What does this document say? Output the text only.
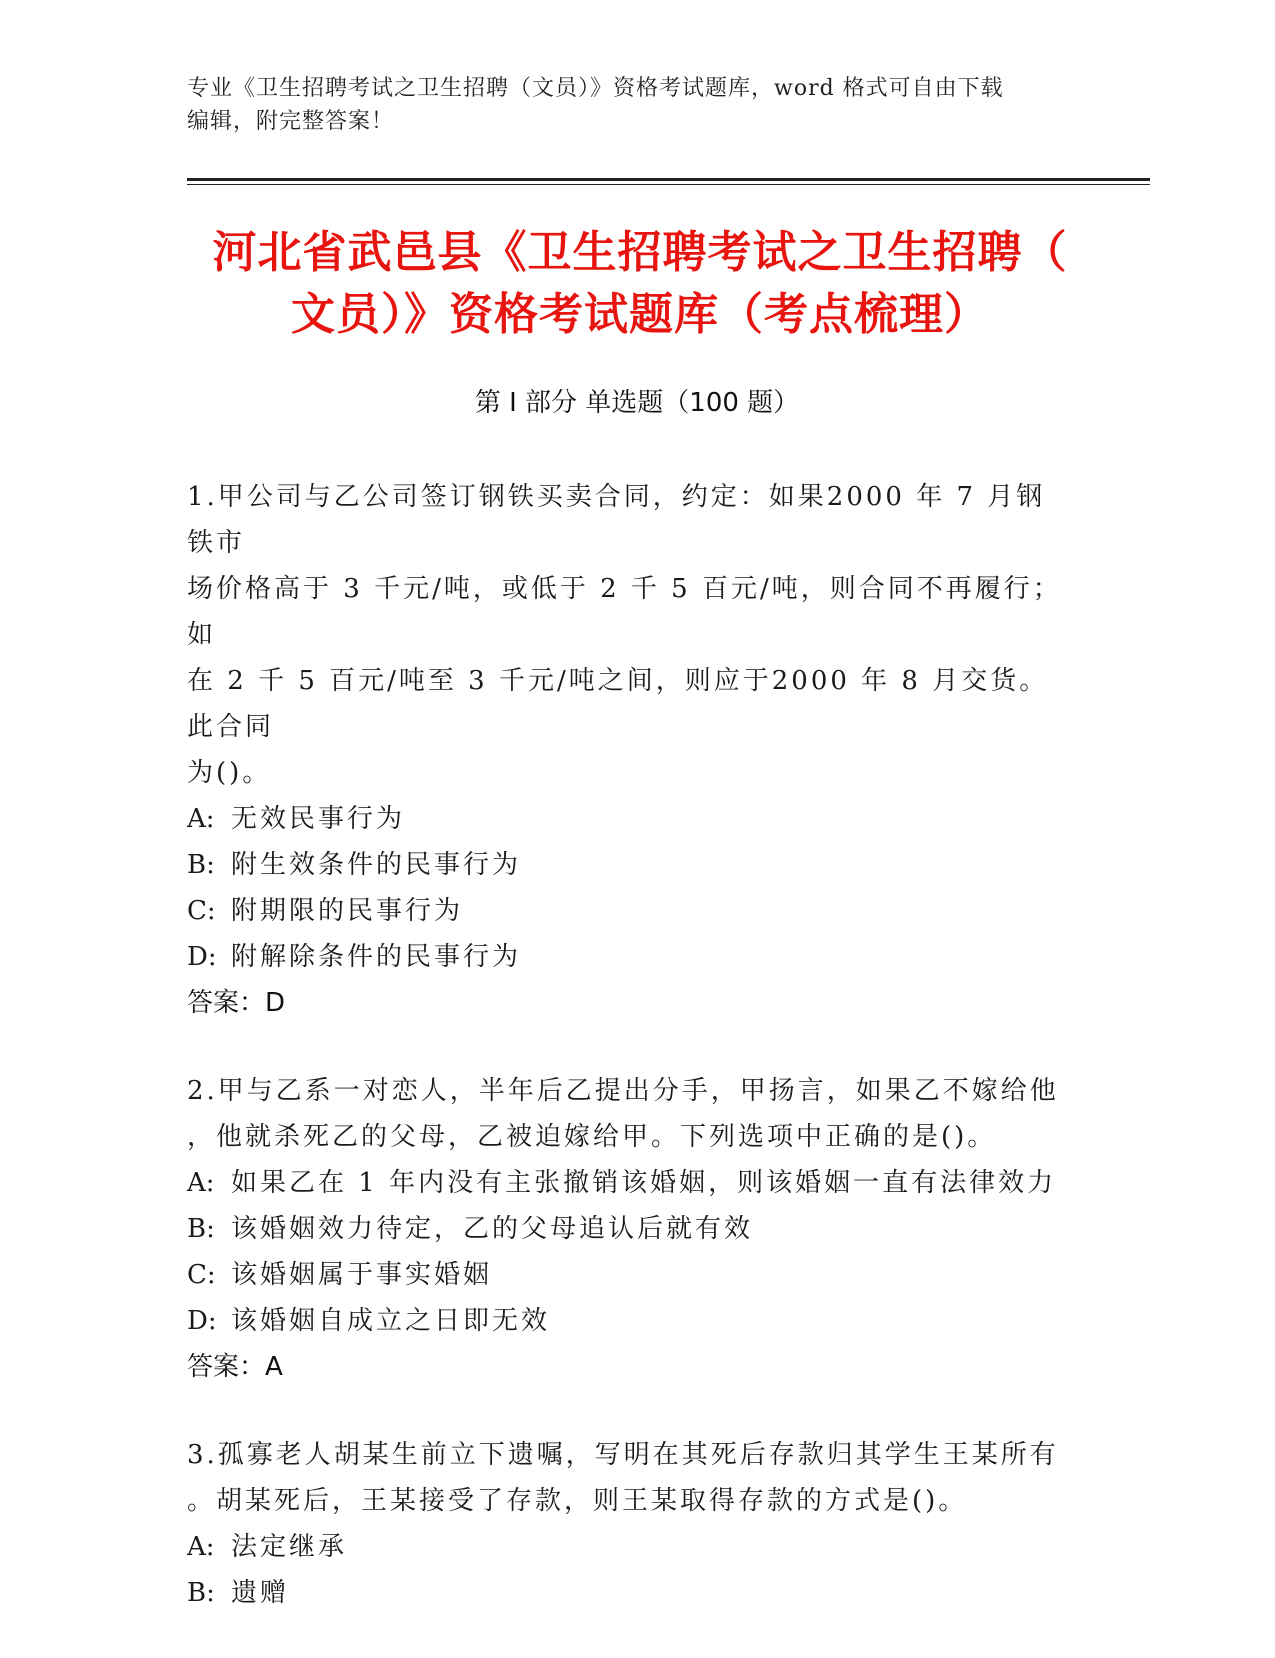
专业《卫生招聘考试之卫生招聘（文员）》资格考试题库，word 格式可自由下载
编辑，附完整答案！
河北省武邑县《卫生招聘考试之卫生招聘（
文员）》资格考试题库（考点梳理）
第 I 部分 单选题（100 题）
1.甲公司与乙公司签订钢铁买卖合同，约定：如果2000 年 7 月钢铁市
场价格高于 3 千元/吨，或低于 2 千 5 百元/吨，则合同不再履行；如
在 2 千 5 百元/吨至 3 千元/吨之间，则应于2000 年 8 月交货。此合同
为()。
A: 无效民事行为
B: 附生效条件的民事行为
C: 附期限的民事行为
D: 附解除条件的民事行为
答案：D
2.甲与乙系一对恋人，半年后乙提出分手，甲扬言，如果乙不嫁给他
，他就杀死乙的父母，乙被迫嫁给甲。下列选项中正确的是()。
A: 如果乙在 1 年内没有主张撤销该婚姻，则该婚姻一直有法律效力
B: 该婚姻效力待定，乙的父母追认后就有效
C: 该婚姻属于事实婚姻
D: 该婚姻自成立之日即无效
答案：A
3.孤寡老人胡某生前立下遗嘱，写明在其死后存款归其学生王某所有
。胡某死后，王某接受了存款，则王某取得存款的方式是()。
A: 法定继承
B: 遗赠
